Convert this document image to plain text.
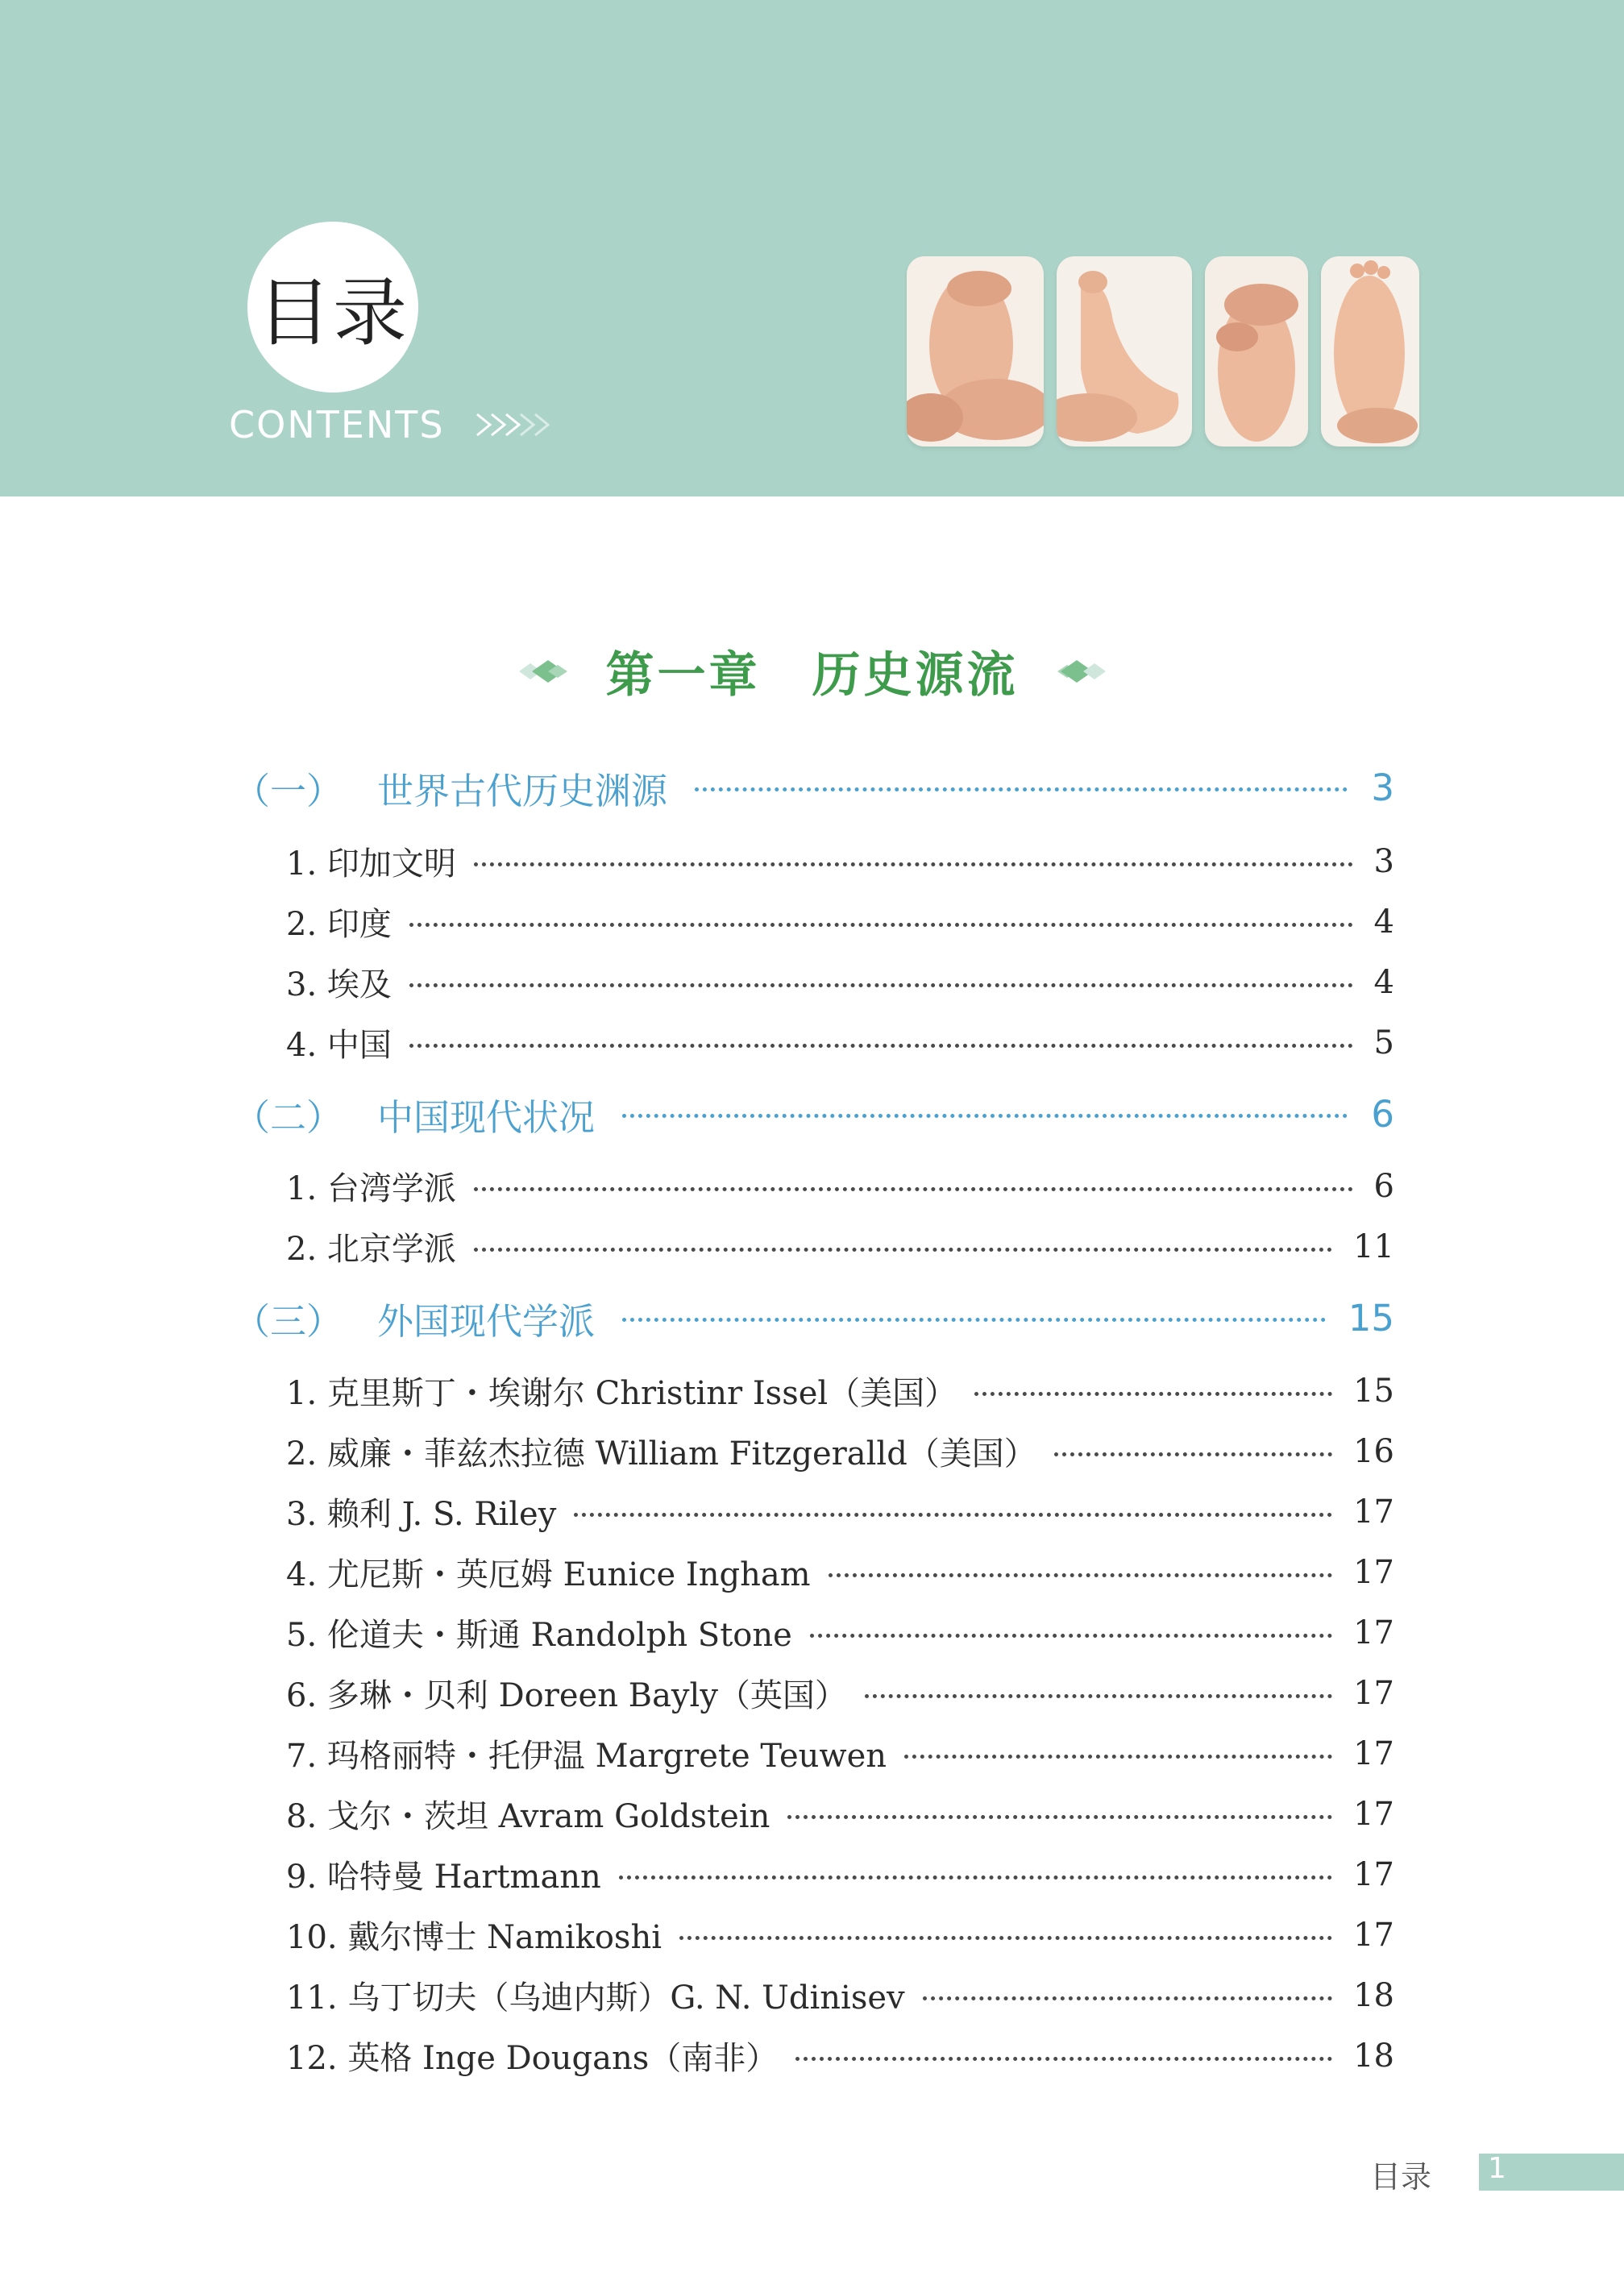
目录
CONTENTS
第一章　历史源流
（一） 世界古代历史渊源	3
1. 印加文明	3
2. 印度	4
3. 埃及	4
4. 中国	5
（二） 中国现代状况	6
1. 台湾学派	6
2. 北京学派	11
（三） 外国现代学派	15
1. 克里斯丁・埃谢尔 Christinr Issel（美国）	15
2. 威廉・菲兹杰拉德 William Fitzgeralld（美国）	16
3. 赖利 J. S. Riley	17
4. 尤尼斯・英厄姆 Eunice Ingham	17
5. 伦道夫・斯通 Randolph Stone	17
6. 多琳・贝利 Doreen Bayly（英国）	17
7. 玛格丽特・托伊温 Margrete Teuwen	17
8. 戈尔・茨坦 Avram Goldstein	17
9. 哈特曼 Hartmann	17
10. 戴尔博士 Namikoshi	17
11. 乌丁切夫（乌迪内斯）G. N. Udinisev	18
12. 英格 Inge Dougans（南非）	18
目录 1
